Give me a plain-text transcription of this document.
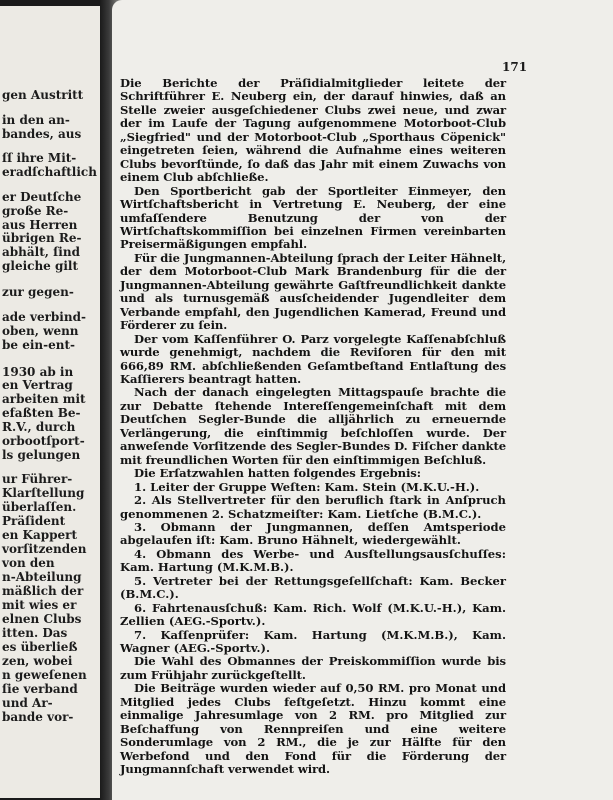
gen Austritt
in den an-
bandes, aus
ſſ ihre Mit-
eradſchaftlich
er Deutſche
große Re-
aus Herren
übrigen Re-
abhält, ſind
gleiche gilt
zur gegen-
ade verbind-
oben, wenn
be ein-ent-
1930 ab in
en Vertrag
arbeiten mit
efaßten Be-
R.V., durch
orbootſport-
ls gelungen
ur Führer-
Klarſtellung
überlaſſen.
Präſident
en Kappert
vorſitzenden
von den
n-Abteilung
mäßlich der
mit wies er
elnen Clubs
itten. Das
es überließ
zen, wobei
n geweſenen
ſie verband
und Ar-
bande vor-
171

Die Berichte der Präſidialmitglieder leitete der Schriftführer E. Neuberg ein, der darauf hinwies, daß an Stelle zweier ausgeſchiedener Clubs zwei neue, und zwar der im Laufe der Tagung aufgenommene Motorboot-Club „Siegfried" und der Motorboot-Club „Sporthaus Cöpenick" eingetreten ſeien, während die Aufnahme eines weiteren Clubs bevorſtünde, ſo daß das Jahr mit einem Zuwachs von einem Club abſchließe.

Den Sportbericht gab der Sportleiter Einmeyer, den Wirtſchaftsbericht in Vertretung E. Neuberg, der eine umfaſſendere Benutzung der von der Wirtſchaftskommiſſion bei einzelnen Firmen vereinbarten Preisermäßigungen empfahl.

Für die Jungmannen-Abteilung ſprach der Leiter Hähnelt, der dem Motorboot-Club Mark Brandenburg für die der Jungmannen-Abteilung gewährte Gaſtfreundlichkeit dankte und als turnusgemäß ausſcheidender Jugendleiter dem Verbande empfahl, den Jugendlichen Kamerad, Freund und Förderer zu ſein.

Der vom Kaſſenführer O. Parz vorgelegte Kaſſenabſchluß wurde genehmigt, nachdem die Reviſoren für den mit 666,89 RM. abſchließenden Geſamtbeſtand Entlaſtung des Kaſſierers beantragt hatten.

Nach der danach eingelegten Mittagspauſe brachte die zur Debatte ſtehende Intereſſengemeinſchaft mit dem Deutſchen Segler-Bunde die alljährlich zu erneuernde Verlängerung, die einſtimmig beſchloſſen wurde. Der anweſende Vorſitzende des Segler-Bundes D. Fiſcher dankte mit freundlichen Worten für den einſtimmigen Beſchluß.

Die Erſatzwahlen hatten folgendes Ergebnis:

1. Leiter der Gruppe Weſten: Kam. Stein (M.K.U.-H.).
2. Als Stellvertreter für den beruflich ſtark in Anſpruch genommenen 2. Schatzmeiſter: Kam. Lietſche (B.M.C.).
3. Obmann der Jungmannen, deſſen Amtsperiode abgelaufen iſt: Kam. Bruno Hähnelt, wiedergewählt.
4. Obmann des Werbe- und Ausſtellungsausſchuſſes: Kam. Hartung (M.K.M.B.).
5. Vertreter bei der Rettungsgeſellſchaft: Kam. Becker (B.M.C.).
6. Fahrtenausſchuß: Kam. Rich. Wolf (M.K.U.-H.), Kam. Zellien (AEG.-Sportv.).
7. Kaſſenprüfer: Kam. Hartung (M.K.M.B.), Kam. Wagner (AEG.-Sportv.).

Die Wahl des Obmannes der Preiskommiſſion wurde bis zum Frühjahr zurückgeſtellt.

Die Beiträge wurden wieder auf 0,50 RM. pro Monat und Mitglied jedes Clubs feſtgeſetzt. Hinzu kommt eine einmalige Jahresumlage von 2 RM. pro Mitglied zur Beſchaffung von Rennpreiſen und eine weitere Sonderumlage von 2 RM., die je zur Hälfte für den Werbefond und den Fond für die Förderung der Jungmannſchaft verwendet wird.
